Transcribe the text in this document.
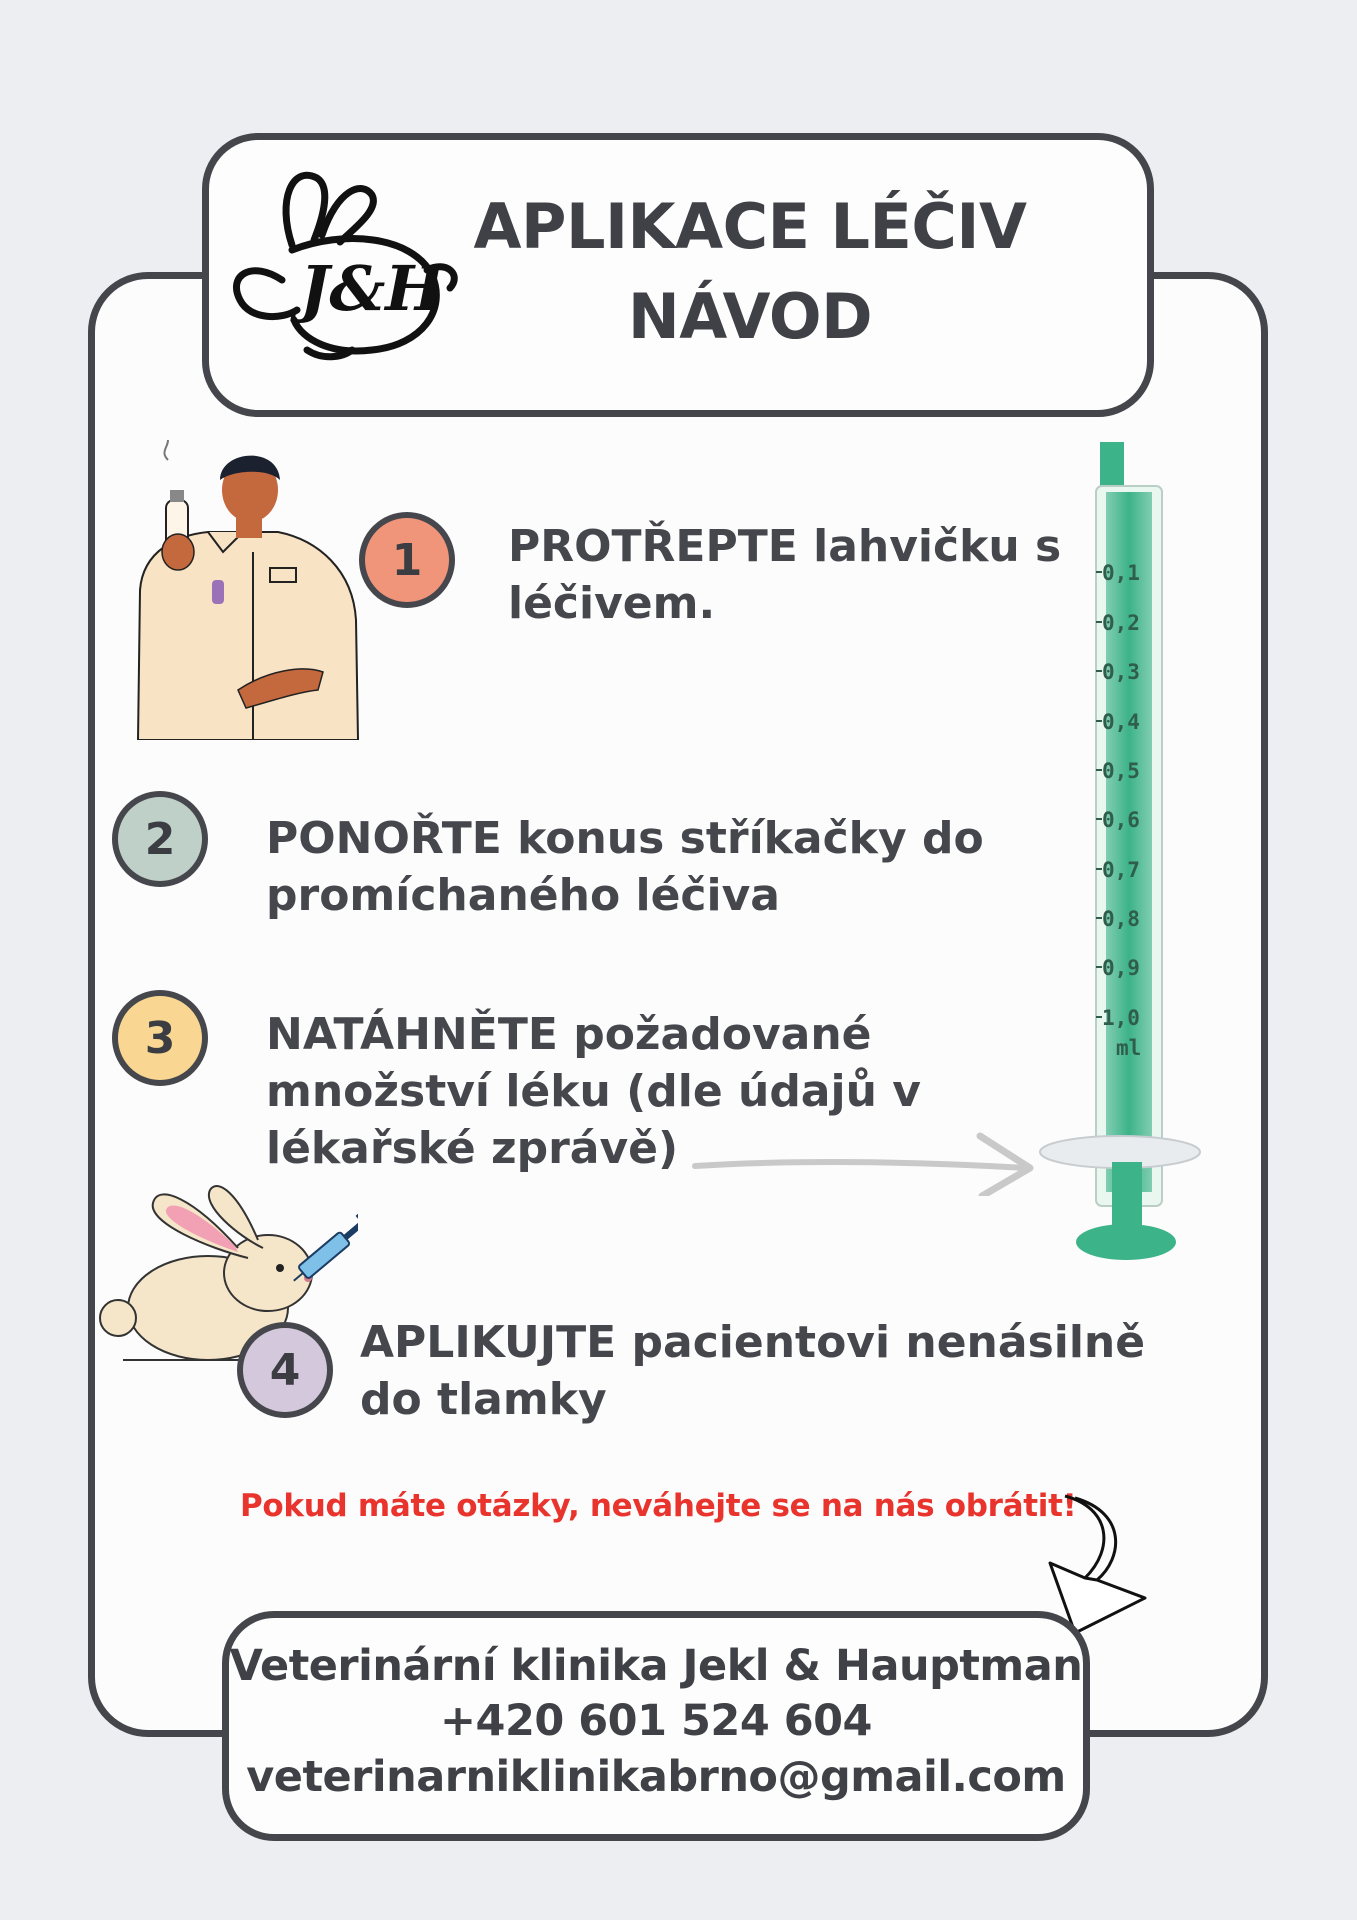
J&H
APLIKACE LÉČIV
NÁVOD
1 PROTŘEPTE lahvičku s
léčivem.
2 PONOŘTE konus stříkačky do
promíchaného léčiva
3 NATÁHNĚTE požadované
množství léku (dle údajů v
lékařské zprávě)
0,1
0,2
0,3
0,4
0,5
0,6
0,7
0,8
0,9
1,0
ml
4
APLIKUJTE pacientovi nenásilně
do tlamky
Pokud máte otázky, neváhejte se na nás obrátit!
Veterinární klinika Jekl & Hauptman
+420 601 524 604
veterinarniklinikabrno@gmail.com
